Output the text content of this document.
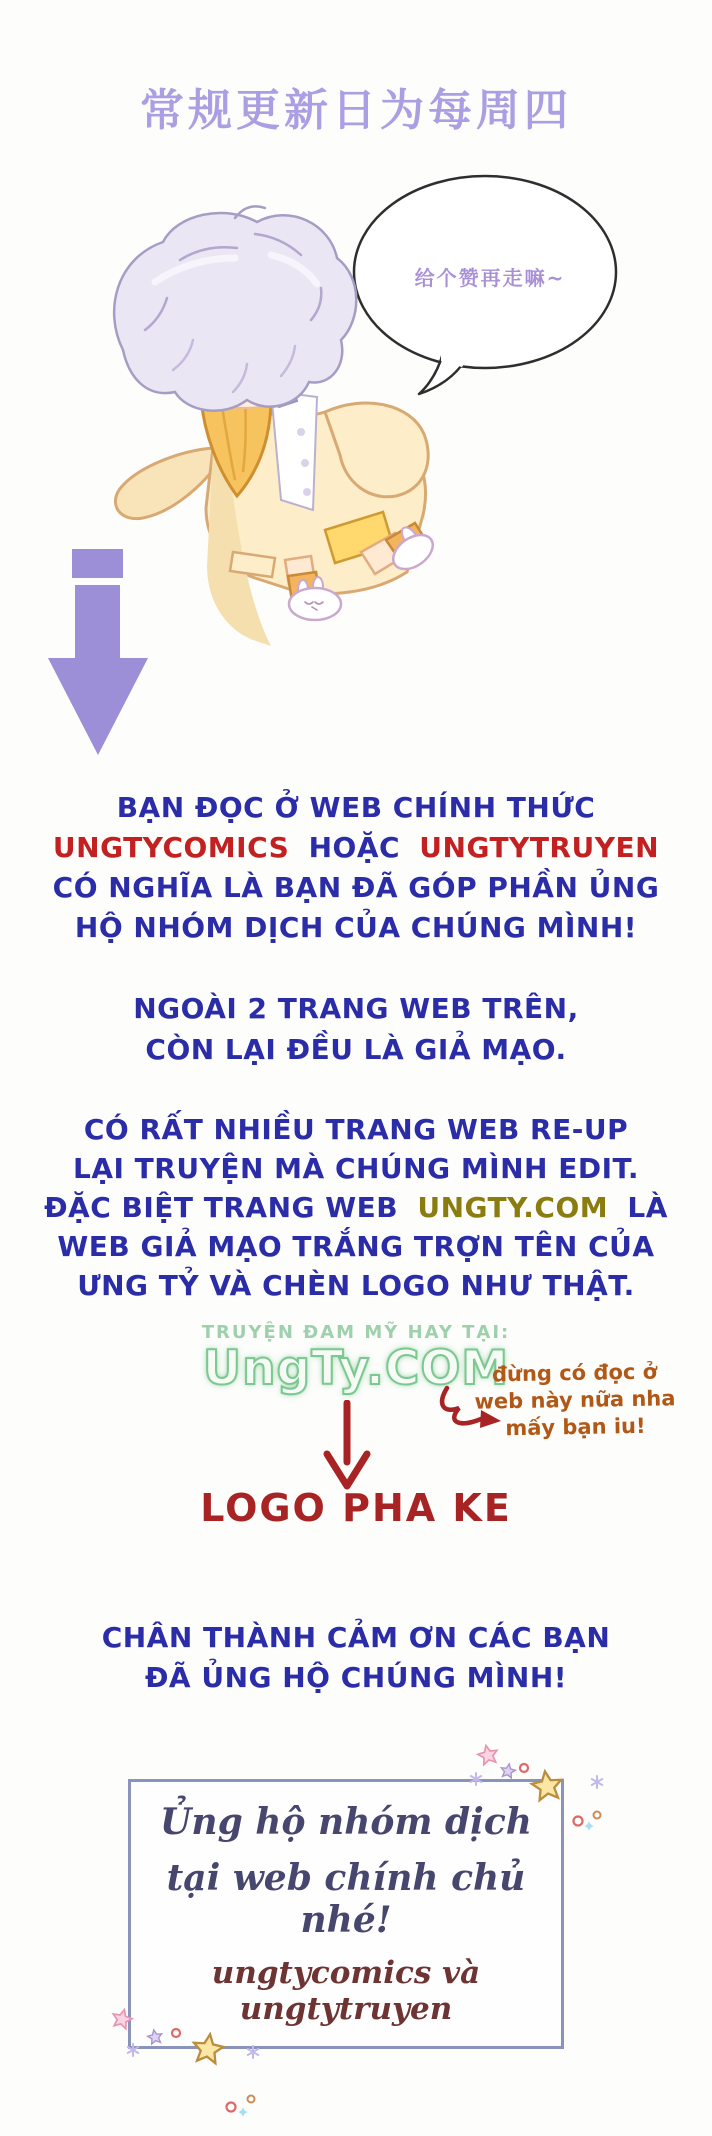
常规更新日为每周四
给个赞再走嘛~
BẠN ĐỌC Ở WEB CHÍNH THỨC
UNGTYCOMICS HOẶC UNGTYTRUYEN
CÓ NGHĨA LÀ BẠN ĐÃ GÓP PHẦN ỦNG
HỘ NHÓM DỊCH CỦA CHÚNG MÌNH!
NGOÀI 2 TRANG WEB TRÊN,
CÒN LẠI ĐỀU LÀ GIẢ MẠO.
CÓ RẤT NHIỀU TRANG WEB RE-UP
LẠI TRUYỆN MÀ CHÚNG MÌNH EDIT.
ĐẶC BIỆT TRANG WEB UNGTY.COM LÀ
WEB GIẢ MẠO TRẮNG TRỢN TÊN CỦA
ƯNG TỶ VÀ CHÈN LOGO NHƯ THẬT.
TRUYỆN ĐAM MỸ HAY TẠI:
UngTy.COM
đừng có đọc ở
web này nữa nha
mấy bạn iu!
LOGO PHA KE
CHÂN THÀNH CẢM ƠN CÁC BẠN
ĐÃ ỦNG HỘ CHÚNG MÌNH!
Ủng hộ nhóm dịch
tại web chính chủ nhé!
ungtycomics và ungtytruyen
